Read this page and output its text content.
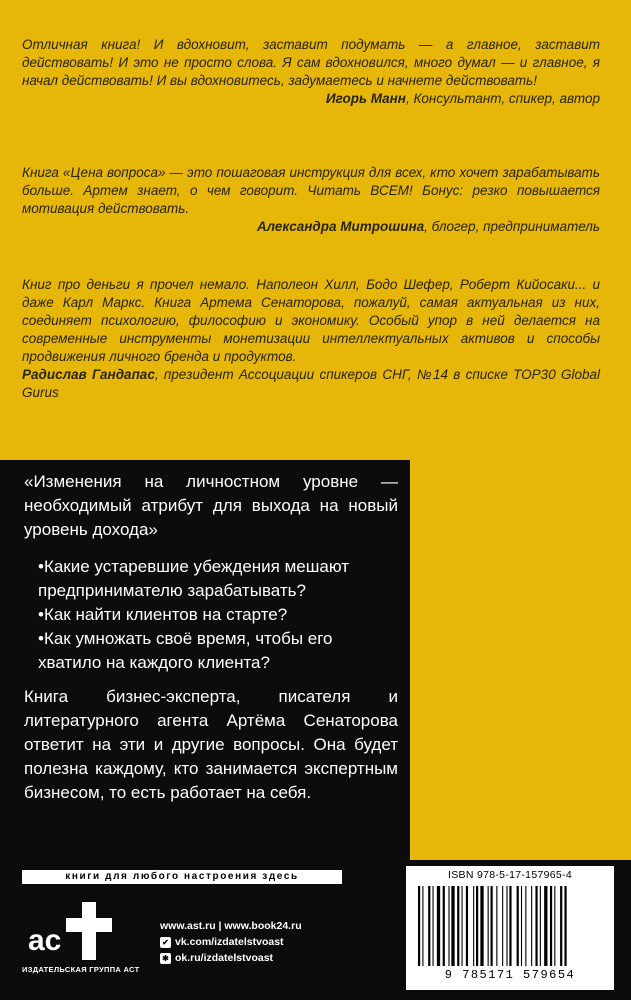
Отличная книга! И вдохновит, заставит подумать — а главное, заставит действовать! И это не просто слова. Я сам вдохновился, много думал — и главное, я начал действовать! И вы вдохновитесь, задумаетесь и начнете действовать!

Игорь Манн, Консультант, спикер, автор

Книга «Цена вопроса» — это пошаговая инструкция для всех, кто хочет зарабатывать больше. Артем знает, о чем говорит. Читать ВСЕМ! Бонус: резко повышается мотивация действовать.

Александра Митрошина, блогер, предприниматель

Книг про деньги я прочел немало. Наполеон Хилл, Бодо Шефер, Роберт Кийосаки... и даже Карл Маркс. Книга Артема Сенаторова, пожалуй, самая актуальная из них, соединяет психологию, философию и экономику. Особый упор в ней делается на современные инструменты монетизации интеллектуальных активов и способы продвижения личного бренда и продуктов.

Радислав Гандапас, президент Ассоциации спикеров СНГ, №14 в списке TOP30 Global Gurus

«Изменения на личностном уровне — необходимый атрибут для выхода на новый уровень дохода»

•Какие устаревшие убеждения мешают предпринимателю зарабатывать?
•Как найти клиентов на старте?
•Как умножать своё время, чтобы его хватило на каждого клиента?

Книга бизнес-эксперта, писателя и литературного агента Артёма Сенаторова ответит на эти и другие вопросы. Она будет полезна каждому, кто занимается экспертным бизнесом, то есть работает на себя.

книги для любого настроения здесь
ac
ИЗДАТЕЛЬСКАЯ ГРУППА АСТ
www.ast.ru | www.book24.ru
✔ vk.com/izdatelstvoast
✱ ok.ru/izdatelstvoast
ISBN 978-5-17-157965-4
9 785171 579654
